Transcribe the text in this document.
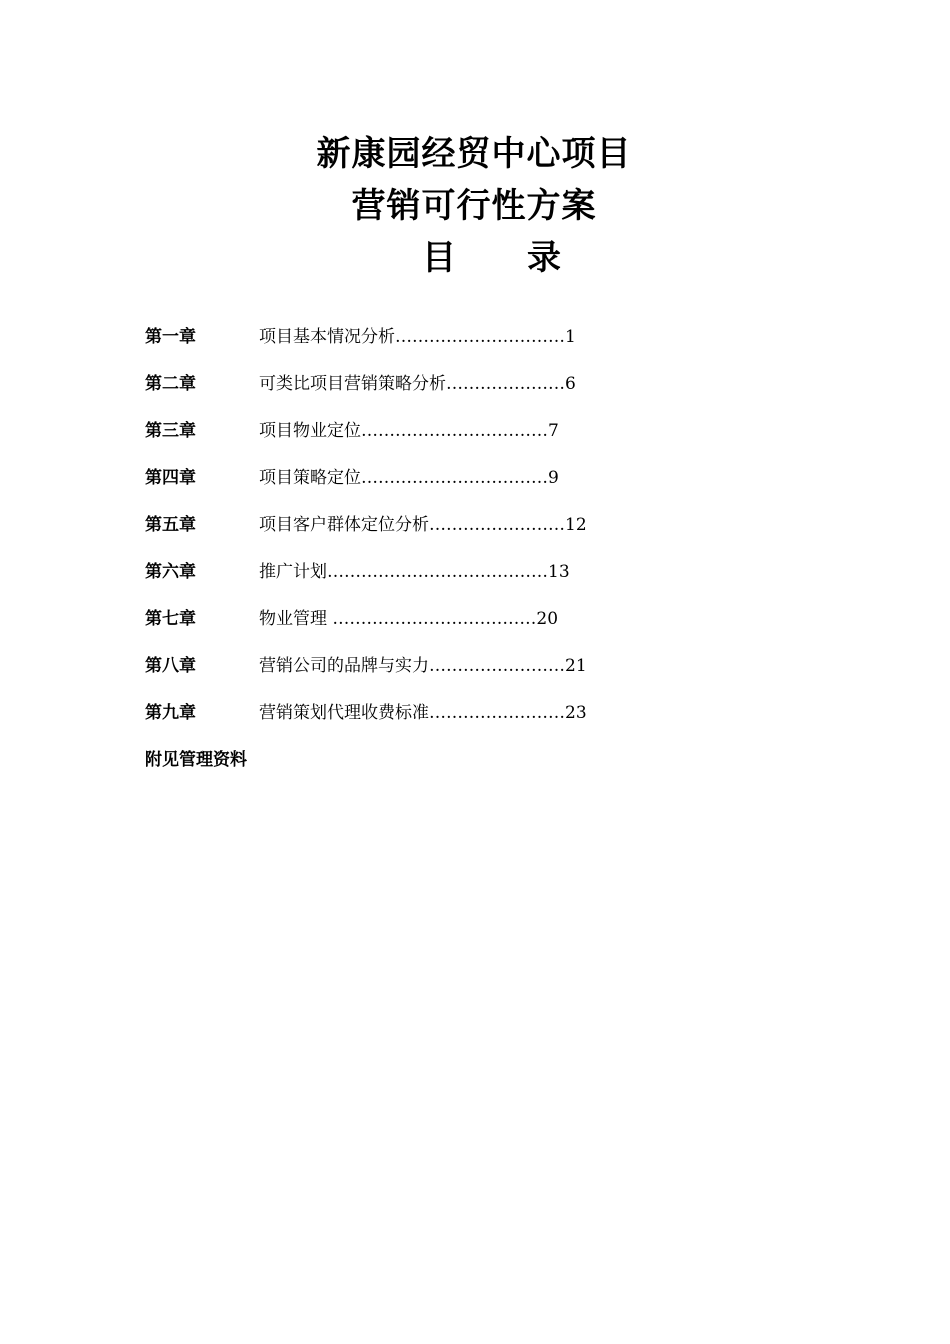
新康园经贸中心项目
营销可行性方案
目　　录
第一章	项目基本情况分析…………………………1
第二章	可类比项目营销策略分析…………………6
第三章	项目物业定位……………………………7
第四章	项目策略定位……………………………9
第五章	项目客户群体定位分析……………………12
第六章	推广计划…………………………………13
第七章	物业管理 ………………………………20
第八章	营销公司的品牌与实力……………………21
第九章	营销策划代理收费标准……………………23
附见管理资料
